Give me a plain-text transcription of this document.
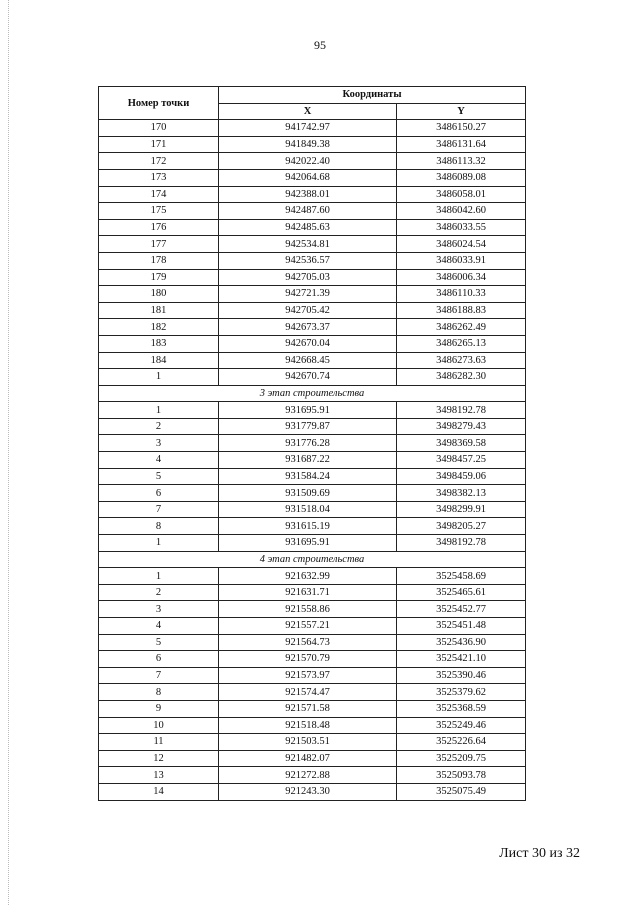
95
Номер точки	Координаты	
	X	Y
170	941742.97	3486150.27
171	941849.38	3486131.64
172	942022.40	3486113.32
173	942064.68	3486089.08
174	942388.01	3486058.01
175	942487.60	3486042.60
176	942485.63	3486033.55
177	942534.81	3486024.54
178	942536.57	3486033.91
179	942705.03	3486006.34
180	942721.39	3486110.33
181	942705.42	3486188.83
182	942673.37	3486262.49
183	942670.04	3486265.13
184	942668.45	3486273.63
1	942670.74	3486282.30
3 этап строительства		
1	931695.91	3498192.78
2	931779.87	3498279.43
3	931776.28	3498369.58
4	931687.22	3498457.25
5	931584.24	3498459.06
6	931509.69	3498382.13
7	931518.04	3498299.91
8	931615.19	3498205.27
1	931695.91	3498192.78
4 этап строительства		
1	921632.99	3525458.69
2	921631.71	3525465.61
3	921558.86	3525452.77
4	921557.21	3525451.48
5	921564.73	3525436.90
6	921570.79	3525421.10
7	921573.97	3525390.46
8	921574.47	3525379.62
9	921571.58	3525368.59
10	921518.48	3525249.46
11	921503.51	3525226.64
12	921482.07	3525209.75
13	921272.88	3525093.78
14	921243.30	3525075.49
Лист 30 из 32
